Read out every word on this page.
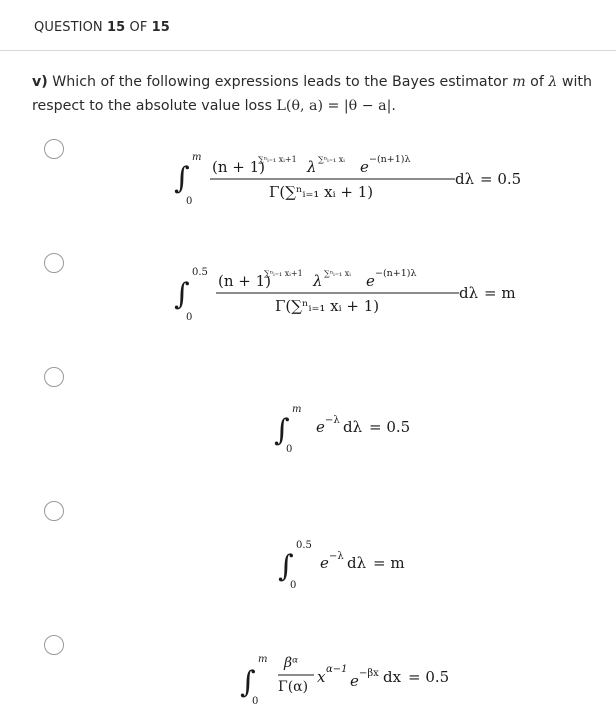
QUESTION 15 OF 15
v) Which of the following expressions leads to the Bayes estimator m of λ with respect to the absolute value loss L(θ, a) = |θ − a|.
∫
m
0
(n + 1)
∑ⁿᵢ₌₁ xᵢ+1 λ ∑ⁿᵢ₌₁ xᵢ e −(n+1)λ
Γ(∑ⁿᵢ₌₁ xᵢ + 1)
dλ = 0.5
∫
0.5
0
(n + 1)
∑ⁿᵢ₌₁ xᵢ+1 λ ∑ⁿᵢ₌₁ xᵢ e −(n+1)λ
Γ(∑ⁿᵢ₌₁ xᵢ + 1)
dλ = m
∫
m
0
e −λ dλ = 0.5
∫
0.5
0
e −λ dλ = m
∫
m
0
βᵅ
Γ(α)
x α−1
e −βx dx = 0.5
